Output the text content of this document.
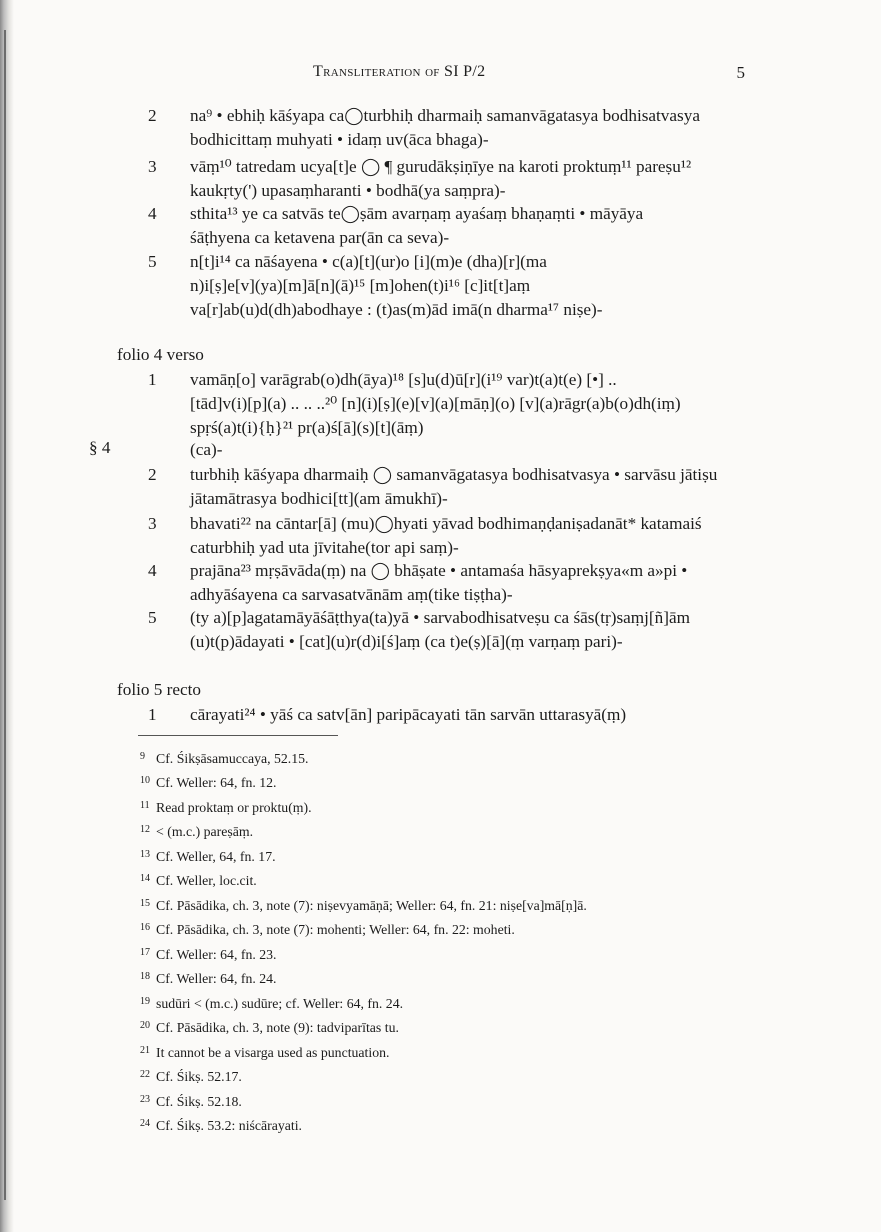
Transliteration of SI P/2	5
2	na⁹ • ebhiḥ kāśyapa ca◯turbhiḥ dharmaiḥ samanvāgatasya bodhisatvasya
bodhicittaṃ muhyati • idaṃ uv(āca bhaga)-
3	vāṃ¹⁰ tatredam ucya[t]e ◯ ¶ gurudākṣiṇīye na karoti proktuṃ¹¹ pareṣu¹²
kaukṛty(') upasaṃharanti • bodhā(ya saṃpra)-
4	sthita¹³ ye ca satvās te◯ṣām avarṇaṃ ayaśaṃ bhaṇaṃti • māyāya
śāṭhyena ca ketavena par(ān ca seva)-
5	n[t]i¹⁴ ca nāśayena • c(a)[t](ur)o [i](m)e (dha)[r](ma
n)i[ṣ]e[v](ya)[m]ā[n](ā)¹⁵ [m]ohen(t)i¹⁶ [c]it[t]aṃ
va[r]ab(u)d(dh)abodhaye : (t)as(m)ād imā(n dharma¹⁷ niṣe)-
folio 4 verso
1	vamāṇ[o] varāgrab(o)dh(āya)¹⁸ [s]u(d)ū[r](i¹⁹ var)t(a)t(e) [•] ..
[tād]v(i)[p](a) .. .. ..²⁰ [n](i)[ṣ](e)[v](a)[māṇ](o) [v](a)rāgr(a)b(o)dh(iṃ)
spṛś(a)t(i){ḥ}²¹ pr(a)ś[ā](s)[t](āṃ)
§ 4	(ca)-
2	turbhiḥ kāśyapa dharmaiḥ ◯ samanvāgatasya bodhisatvasya • sarvāsu jātiṣu
jātamātrasya bodhici[tt](am āmukhī)-
3	bhavati²² na cāntar[ā] (mu)◯hyati yāvad bodhimaṇḍaniṣadanāt* katamaiś
caturbhiḥ yad uta jīvitahe(tor api saṃ)-
4	prajāna²³ mṛṣāvāda(ṃ) na ◯ bhāṣate • antamaśa hāsyaprekṣya«m a»pi •
adhyāśayena ca sarvasatvānām aṃ(tike tiṣṭha)-
5	(ty a)[p]agatamāyāśāṭthya(ta)yā • sarvabodhisatveṣu ca śās(tṛ)saṃj[ñ]ām
(u)t(p)ādayati • [cat](u)r(d)i[ś]aṃ (ca t)e(ṣ)[ā](ṃ varṇaṃ pari)-
folio 5 recto
1	cārayati²⁴ • yāś ca satv[ān] paripācayati tān sarvān uttarasyā(ṃ)
9 Cf. Śikṣāsamuccaya, 52.15.
10 Cf. Weller: 64, fn. 12.
11 Read proktaṃ or proktu(ṃ).
12 < (m.c.) pareṣāṃ.
13 Cf. Weller, 64, fn. 17.
14 Cf. Weller, loc.cit.
15 Cf. Pāsādika, ch. 3, note (7): niṣevyamāṇā; Weller: 64, fn. 21: niṣe[va]mā[ṇ]ā.
16 Cf. Pāsādika, ch. 3, note (7): mohenti; Weller: 64, fn. 22: moheti.
17 Cf. Weller: 64, fn. 23.
18 Cf. Weller: 64, fn. 24.
19 sudūri < (m.c.) sudūre; cf. Weller: 64, fn. 24.
20 Cf. Pāsādika, ch. 3, note (9): tadviparītas tu.
21 It cannot be a visarga used as punctuation.
22 Cf. Śikṣ. 52.17.
23 Cf. Śikṣ. 52.18.
24 Cf. Śikṣ. 53.2: niścārayati.
